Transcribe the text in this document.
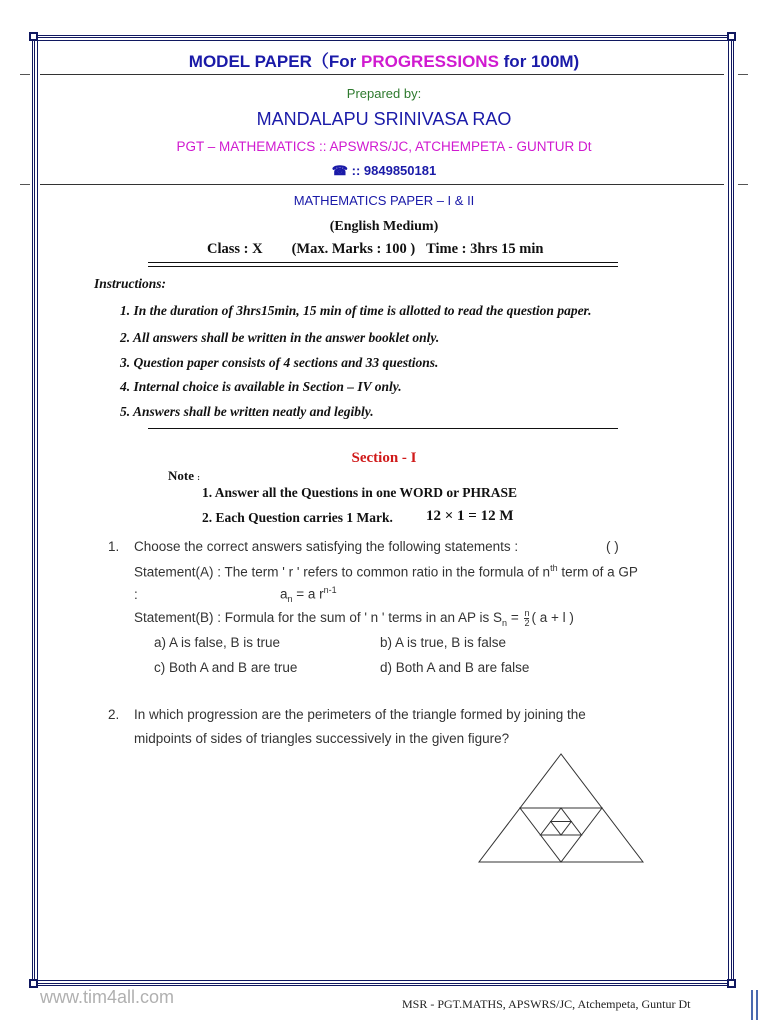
MODEL PAPER（For PROGRESSIONS for 100M)
Prepared by:
MANDALAPU SRINIVASA RAO
PGT – MATHEMATICS :: APSWRS/JC, ATCHEMPETA - GUNTUR Dt
☎ :: 9849850181
MATHEMATICS PAPER – I & II
(English Medium)
Class : X (Max. Marks : 100 ) Time : 3hrs 15 min
Instructions:
1. In the duration of 3hrs15min, 15 min of time is allotted to read the question paper.
2. All answers shall be written in the answer booklet only.
3. Question paper consists of 4 sections and 33 questions.
4. Internal choice is available in Section – IV only.
5. Answers shall be written neatly and legibly.
Section - I
Note :
1. Answer all the Questions in one WORD or PHRASE
2. Each Question carries 1 Mark. 12 × 1 = 12 M
1. Choose the correct answers satisfying the following statements :	( )
Statement(A) : The term ' r ' refers to common ratio in the formula of $n^{th}$ term of a GP
:	$a_n = a$ $r^{n-1}$
Statement(B) : Formula for the sum of ' n ' terms in an AP is $S_n = \frac{n}{2}$ ( a + l )
a) A is false, B is true	b) A is true, B is false
c) Both A and B are true	d) Both A and B are false
2. In which progression are the perimeters of the triangle formed by joining the
midpoints of sides of triangles successively in the given figure?
www.tim4all.com	MSR - PGT.MATHS, APSWRS/JC, Atchempeta, Guntur Dt
